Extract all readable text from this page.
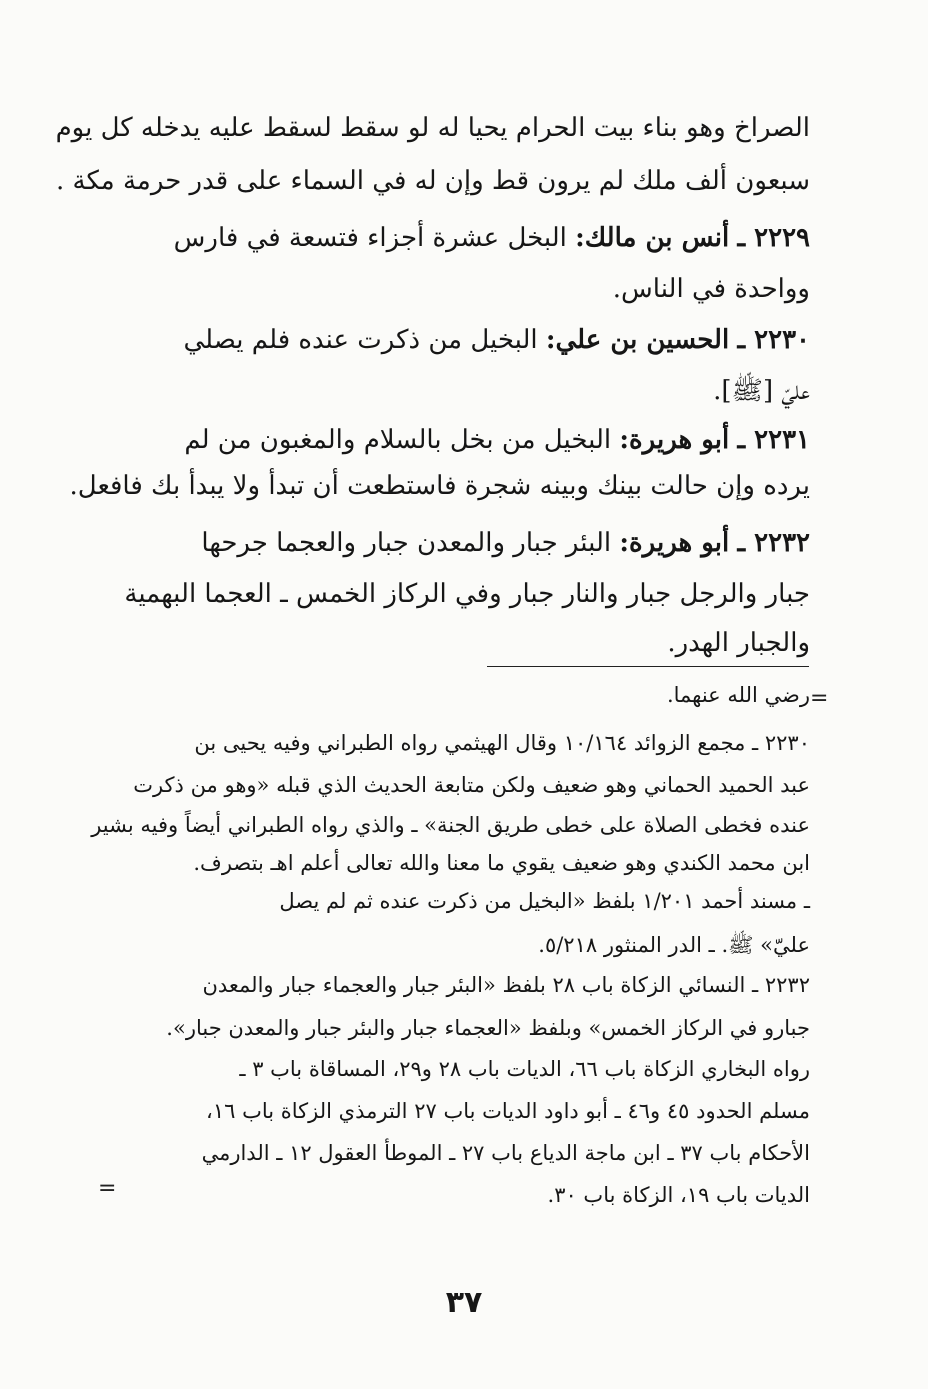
الصراخ وهو بناء بيت الحرام يحيا له لو سقط لسقط عليه يدخله كل يوم
سبعون ألف ملك لم يرون قط وإن له في السماء على قدر حرمة مكة .
٢٢٢٩ ـ أنس بن مالك: البخل عشرة أجزاء فتسعة في فارس
وواحدة في الناس.
٢٢٣٠ ـ الحسين بن علي: البخيل من ذكرت عنده فلم يصلي
عليّ [ﷺ].
٢٢٣١ ـ أبو هريرة: البخيل من بخل بالسلام والمغبون من لم
يرده وإن حالت بينك وبينه شجرة فاستطعت أن تبدأ ولا يبدأ بك فافعل.
٢٢٣٢ ـ أبو هريرة: البئر جبار والمعدن جبار والعجما جرحها
جبار والرجل جبار والنار جبار وفي الركاز الخمس ـ العجما البهمية
والجبار الهدر.
=
رضي الله عنهما.
٢٢٣٠ ـ مجمع الزوائد ١٠/١٦٤ وقال الهيثمي رواه الطبراني وفيه يحيى بن
عبد الحميد الحماني وهو ضعيف ولكن متابعة الحديث الذي قبله «وهو من ذكرت
عنده فخطى الصلاة على خطى طريق الجنة» ـ والذي رواه الطبراني أيضاً وفيه بشير
ابن محمد الكندي وهو ضعيف يقوي ما معنا والله تعالى أعلم اهـ بتصرف.
ـ مسند أحمد ١/٢٠١ بلفظ «البخيل من ذكرت عنده ثم لم يصل
عليّ» ﷺ. ـ الدر المنثور ٥/٢١٨.
٢٢٣٢ ـ النسائي الزكاة باب ٢٨ بلفظ «البئر جبار والعجماء جبار والمعدن
جبارو في الركاز الخمس» وبلفظ «العجماء جبار والبئر جبار والمعدن جبار».
رواه البخاري الزكاة باب ٦٦، الديات باب ٢٨ و٢٩، المساقاة باب ٣ ـ
مسلم الحدود ٤٥ و٤٦ ـ أبو داود الديات باب ٢٧ الترمذي الزكاة باب ١٦،
الأحكام باب ٣٧ ـ ابن ماجة الدياع باب ٢٧ ـ الموطأ العقول ١٢ ـ الدارمي
الديات باب ١٩، الزكاة باب ٣٠.
=
٣٧
